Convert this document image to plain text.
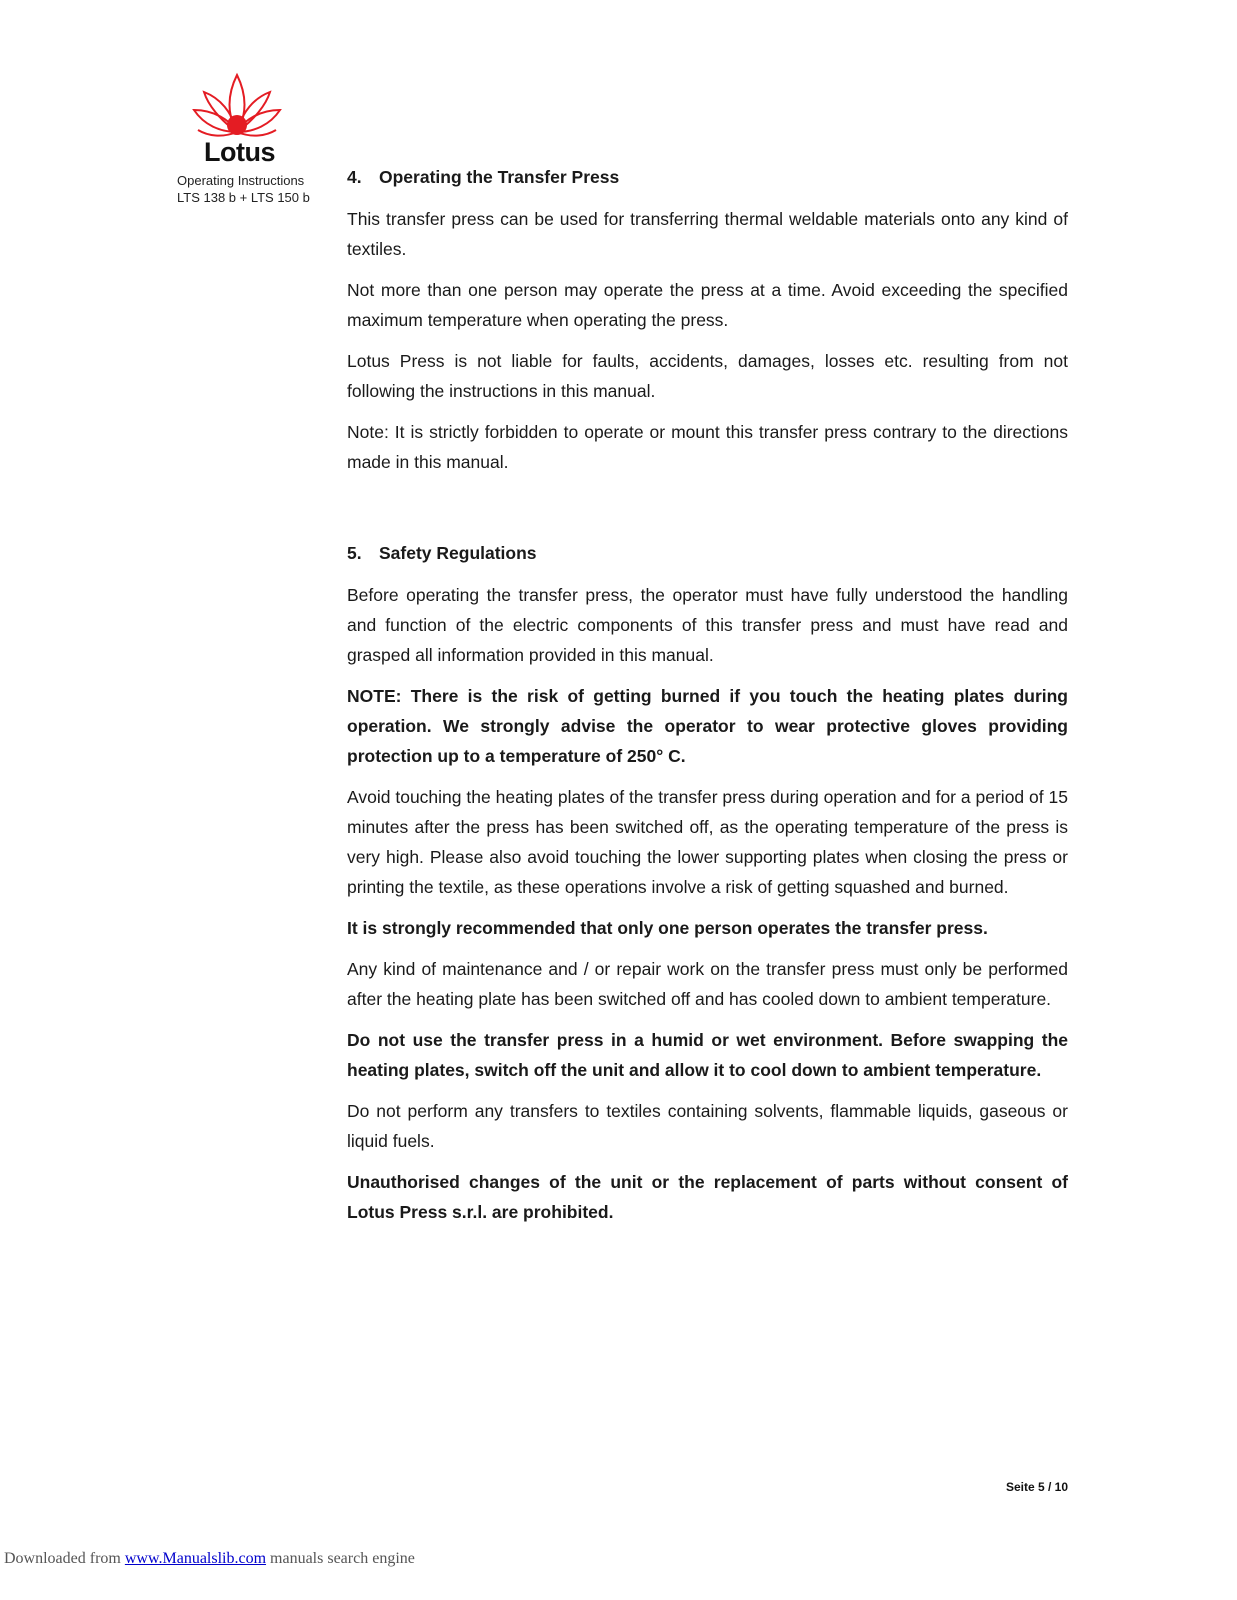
Lotus
Operating Instructions
LTS 138 b + LTS 150 b
4. Operating the Transfer Press

This transfer press can be used for transferring thermal weldable materials onto any kind of textiles.

Not more than one person may operate the press at a time. Avoid exceeding the specified maximum temperature when operating the press.

Lotus Press is not liable for faults, accidents, damages, losses etc. resulting from not following the instructions in this manual.

Note: It is strictly forbidden to operate or mount this transfer press contrary to the directions made in this manual.

5. Safety Regulations

Before operating the transfer press, the operator must have fully understood the handling and function of the electric components of this transfer press and must have read and grasped all information provided in this manual.

NOTE: There is the risk of getting burned if you touch the heating plates during operation. We strongly advise the operator to wear protective gloves providing protection up to a temperature of 250° C.

Avoid touching the heating plates of the transfer press during operation and for a period of 15 minutes after the press has been switched off, as the operating temperature of the press is very high. Please also avoid touching the lower supporting plates when closing the press or printing the textile, as these operations involve a risk of getting squashed and burned.

It is strongly recommended that only one person operates the transfer press.

Any kind of maintenance and / or repair work on the transfer press must only be performed after the heating plate has been switched off and has cooled down to ambient temperature.

Do not use the transfer press in a humid or wet environment. Before swapping the heating plates, switch off the unit and allow it to cool down to ambient temperature.

Do not perform any transfers to textiles containing solvents, flammable liquids, gaseous or liquid fuels.

Unauthorised changes of the unit or the replacement of parts without consent of Lotus Press s.r.l. are prohibited.

Seite 5 / 10
Downloaded from www.Manualslib.com manuals search engine
